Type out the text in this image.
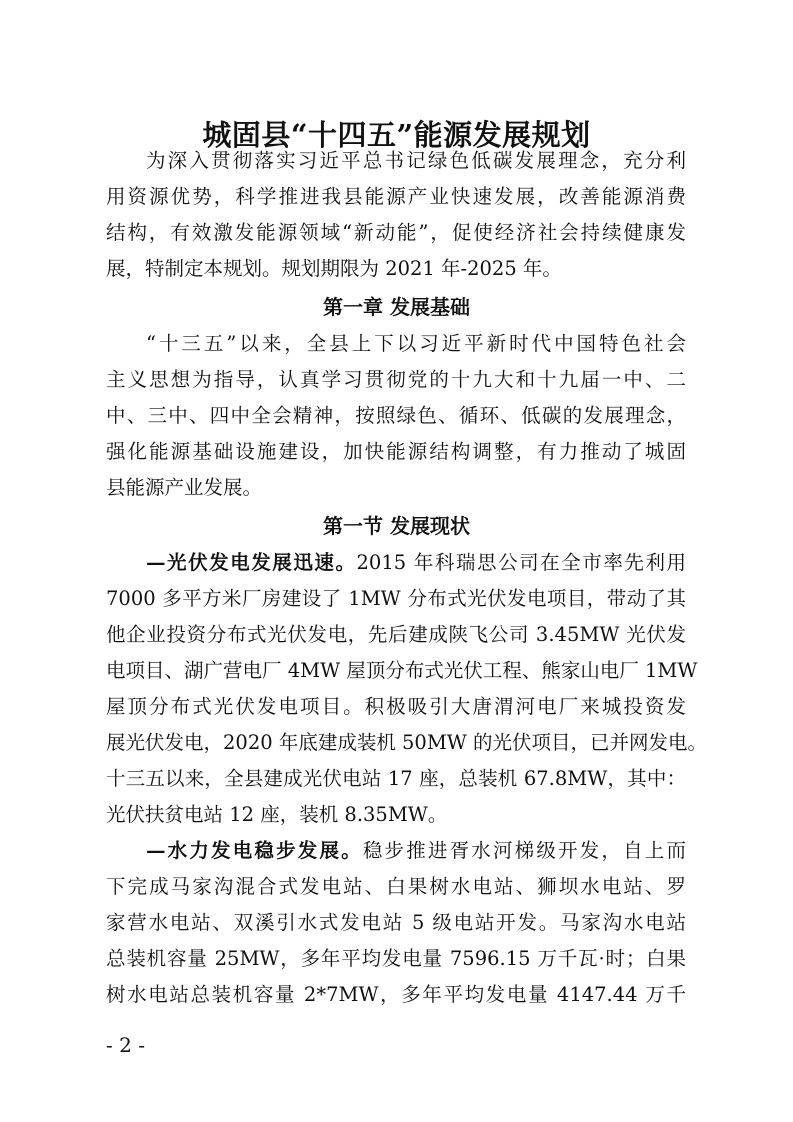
城固县“十四五”能源发展规划
为深入贯彻落实习近平总书记绿色低碳发展理念，充分利
用资源优势，科学推进我县能源产业快速发展，改善能源消费
结构，有效激发能源领域“新动能”，促使经济社会持续健康发
展，特制定本规划。规划期限为 2021 年-2025 年。
第一章 发展基础
“十三五”以来，全县上下以习近平新时代中国特色社会
主义思想为指导，认真学习贯彻党的十九大和十九届一中、二
中、三中、四中全会精神，按照绿色、循环、低碳的发展理念，
强化能源基础设施建设，加快能源结构调整，有力推动了城固
县能源产业发展。
第一节 发展现状
—光伏发电发展迅速。2015 年科瑞思公司在全市率先利用
7000 多平方米厂房建设了 1MW 分布式光伏发电项目，带动了其
他企业投资分布式光伏发电，先后建成陕飞公司 3.45MW 光伏发
电项目、湖广营电厂 4MW 屋顶分布式光伏工程、熊家山电厂 1MW
屋顶分布式光伏发电项目。积极吸引大唐渭河电厂来城投资发
展光伏发电，2020 年底建成装机 50MW 的光伏项目，已并网发电。
十三五以来，全县建成光伏电站 17 座，总装机 67.8MW，其中：
光伏扶贫电站 12 座，装机 8.35MW。
—水力发电稳步发展。稳步推进胥水河梯级开发，自上而
下完成马家沟混合式发电站、白果树水电站、狮坝水电站、罗
家营水电站、双溪引水式发电站 5 级电站开发。马家沟水电站
总装机容量 25MW，多年平均发电量 7596.15 万千瓦·时；白果
树水电站总装机容量 2*7MW，多年平均发电量 4147.44 万千
- 2 -
